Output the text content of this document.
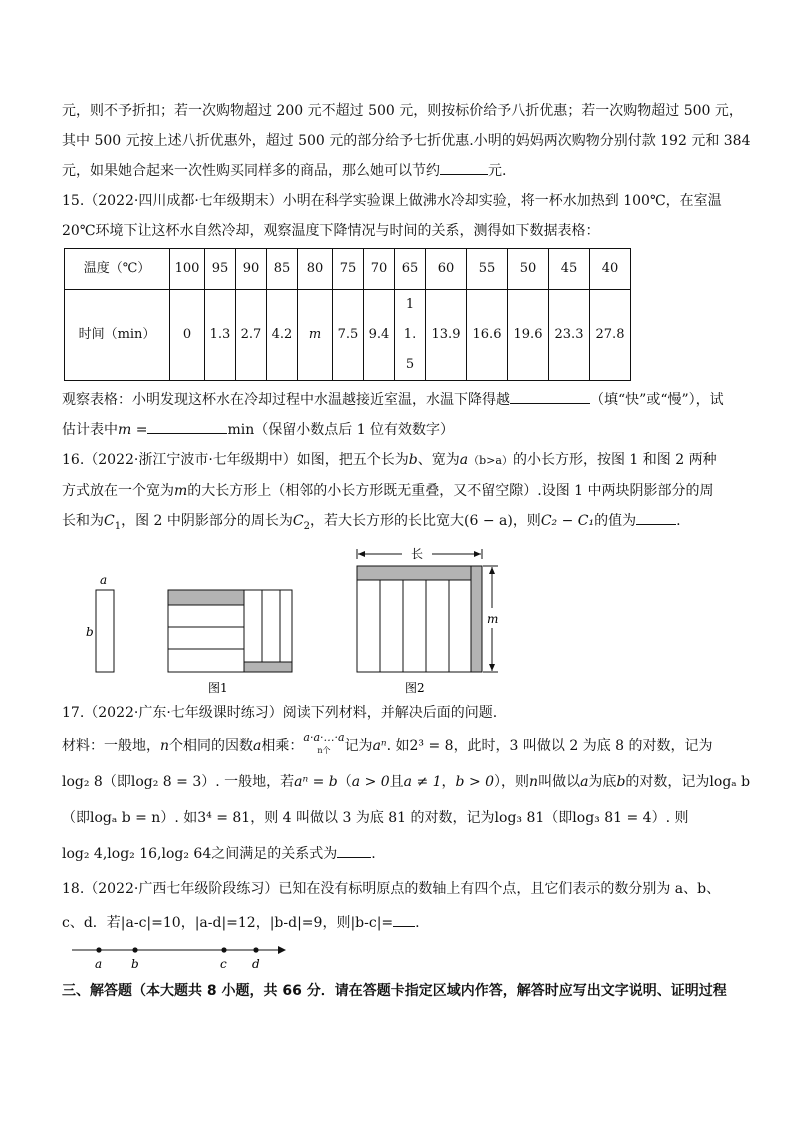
元，则不予折扣；若一次购物超过 200 元不超过 500 元，则按标价给予八折优惠；若一次购物超过 500 元，
其中 500 元按上述八折优惠外，超过 500 元的部分给予七折优惠.小明的妈妈两次购物分别付款 192 元和 384
元，如果她合起来一次性购买同样多的商品，那么她可以节约	元.
15.（2022·四川成都·七年级期末）小明在科学实验课上做沸水冷却实验，将一杯水加热到 100℃，在室温
20℃环境下让这杯水自然冷却，观察温度下降情况与时间的关系，测得如下数据表格：
温度（℃）	100	95	90	85	80	75	70	65	60	55	50	45	40
时间（min）	0	1.3	2.7	4.2	m	7.5	9.4	11.5	13.9	16.6	19.6	23.3	27.8
观察表格：小明发现这杯水在冷却过程中水温越接近室温，水温下降得越	（填“快”或“慢”），试
估计表中m =	min（保留小数点后 1 位有效数字）
16.（2022·浙江宁波市·七年级期中）如图，把五个长为b、宽为a（b>a）的小长方形，按图 1 和图 2 两种
方式放在一个宽为m的大长方形上（相邻的小长方形既无重叠，又不留空隙）.设图 1 中两块阴影部分的周
长和为$C_1$，图 2 中阴影部分的周长为$C_2$，若大长方形的长比宽大(6 − a)，则C₂ − C₁的值为	.
a
b
图1
长
m
图2
17.（2022·广东·七年级课时练习）阅读下列材料，并解决后面的问题.
材料：一般地，n个相同的因数a相乘：
a·a·…·a
n个	记为aⁿ. 如2³ = 8，此时，3 叫做以 2 为底 8 的对数，记为
log₂ 8（即log₂ 8 = 3）. 一般地，若aⁿ = b（a > 0且a ≠ 1，b > 0），则n叫做以a为底b的对数，记为logₐ b
（即logₐ b = n）. 如3⁴ = 81，则 4 叫做以 3 为底 81 的对数，记为log₃ 81（即log₃ 81 = 4）. 则
log₂ 4,log₂ 16,log₂ 64之间满足的关系式为 .
18.（2022·广西七年级阶段练习）已知在没有标明原点的数轴上有四个点，且它们表示的数分别为 a、b、
c、d．若|a-c|=10，|a-d|=12，|b-d|=9，则|b-c|= .
a b	c d
三、解答题（本大题共 8 小题，共 66 分．请在答题卡指定区域内作答，解答时应写出文字说明、证明过程
